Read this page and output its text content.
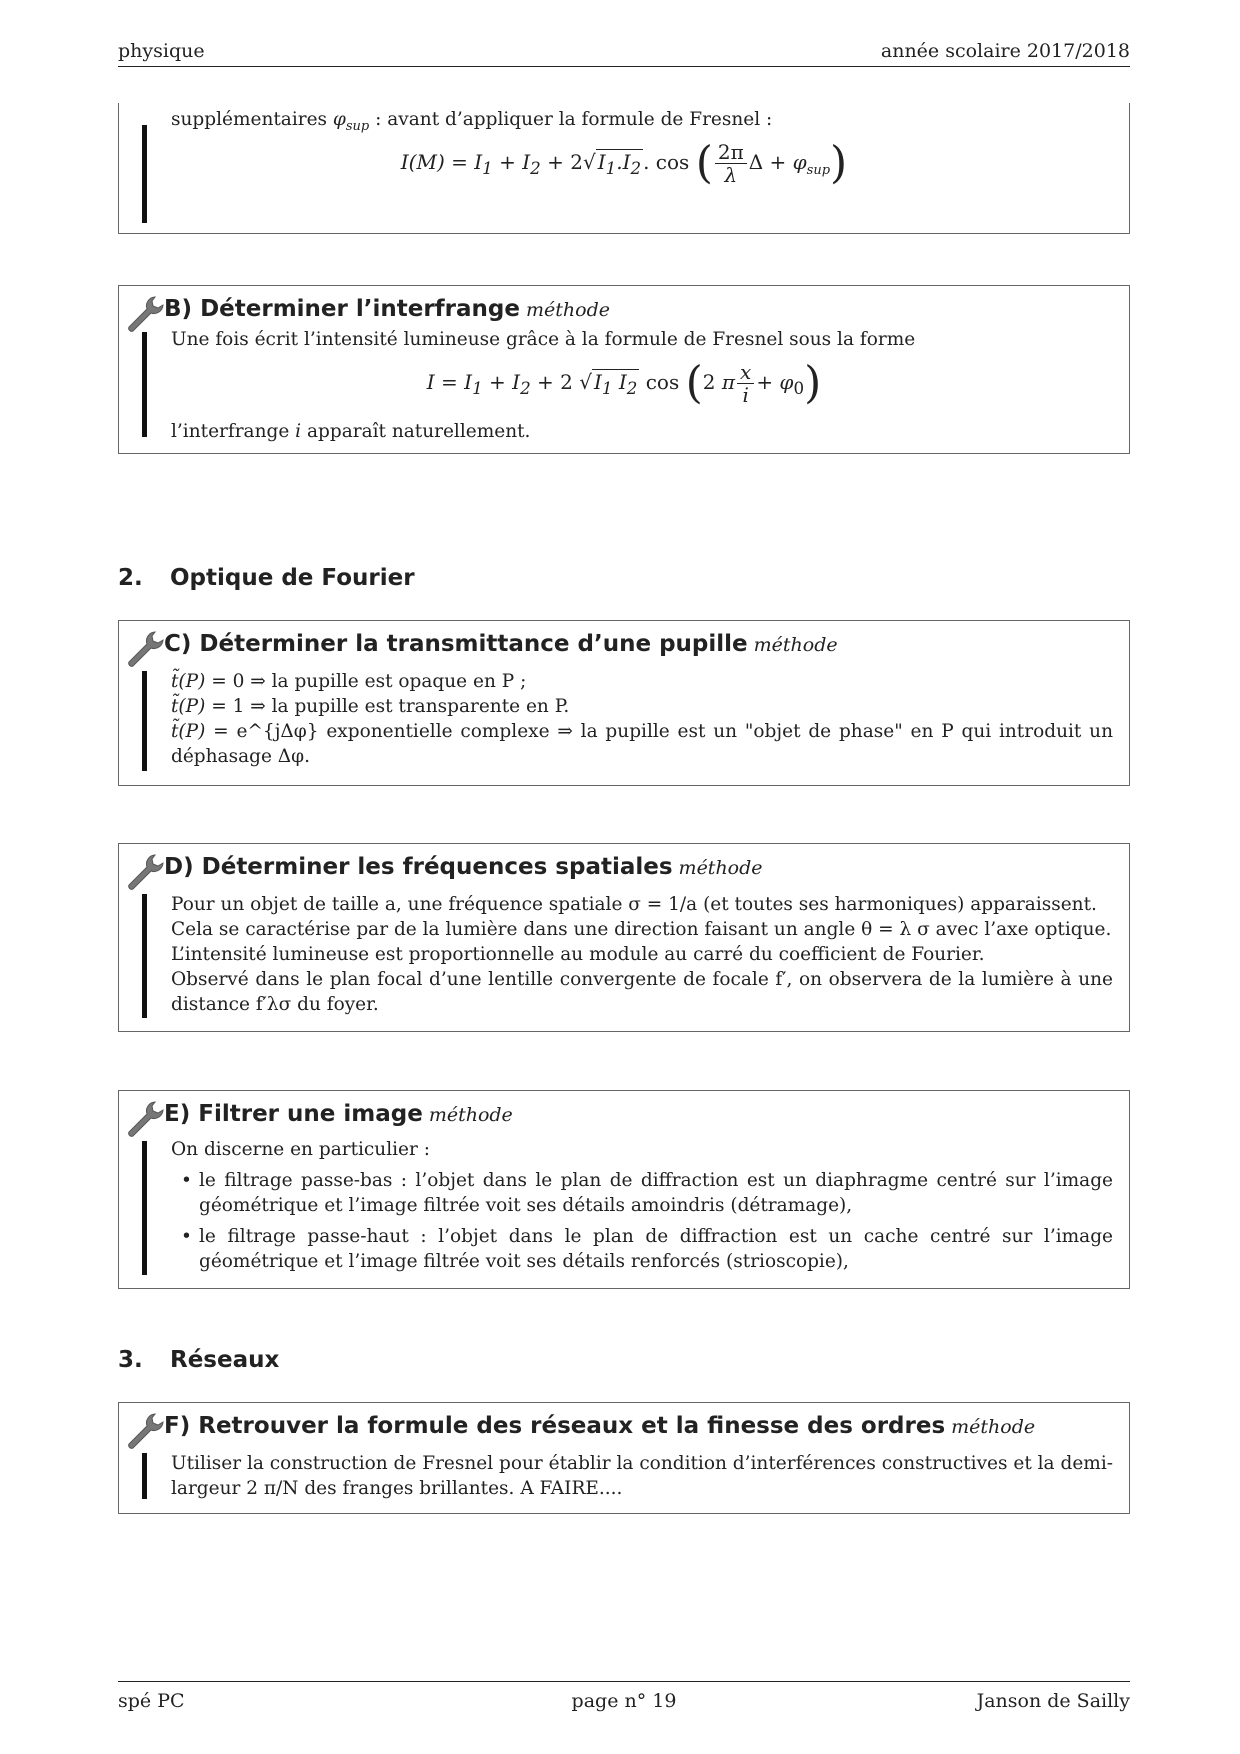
physique	année scolaire 2017/2018
supplémentaires $\varphi_{sup}$ : avant d’appliquer la formule de Fresnel :
$I(M) = I_1 + I_2 + 2√$ $I_1.I_2$ . cos ( $\frac{2\pi}{\lambda}$ $\Delta + \varphi_{sup}$)
B) Déterminer l’interfrange méthode
Une fois écrit l’intensité lumineuse grâce à la formule de Fresnel sous la forme
$I = I_1 + I_2 + 2$ √ $I_1$ $I_2$ cos (2 π $\frac{x}{i} + \varphi_0$)
l’interfrange i apparaît naturellement.
2. Optique de Fourier
C) Déterminer la transmittance d’une pupille méthode
t̃(P) = 0 ⇒ la pupille est opaque en P ;
t̃(P) = 1 ⇒ la pupille est transparente en P.
t̃(P) = e^{jΔφ} exponentielle complexe ⇒ la pupille est un "objet de phase" en P qui introduit un déphasage Δφ.
D) Déterminer les fréquences spatiales méthode
Pour un objet de taille a, une fréquence spatiale σ = 1/a (et toutes ses harmoniques) apparaissent.
Cela se caractérise par de la lumière dans une direction faisant un angle θ = λ σ avec l’axe optique.
L’intensité lumineuse est proportionnelle au module au carré du coefficient de Fourier.
Observé dans le plan focal d’une lentille convergente de focale f′, on observera de la lumière à une distance f′λσ du foyer.
E) Filtrer une image méthode
On discerne en particulier :
• le filtrage passe-bas : l’objet dans le plan de diffraction est un diaphragme centré sur l’image géométrique et l’image filtrée voit ses détails amoindris (détramage),
• le filtrage passe-haut : l’objet dans le plan de diffraction est un cache centré sur l’image géométrique et l’image filtrée voit ses détails renforcés (strioscopie),
3. Réseaux
F) Retrouver la formule des réseaux et la finesse des ordres méthode
Utiliser la construction de Fresnel pour établir la condition d’interférences constructives et la demi-largeur 2 π/N des franges brillantes. A FAIRE....
spé PC	page n° 19	Janson de Sailly
